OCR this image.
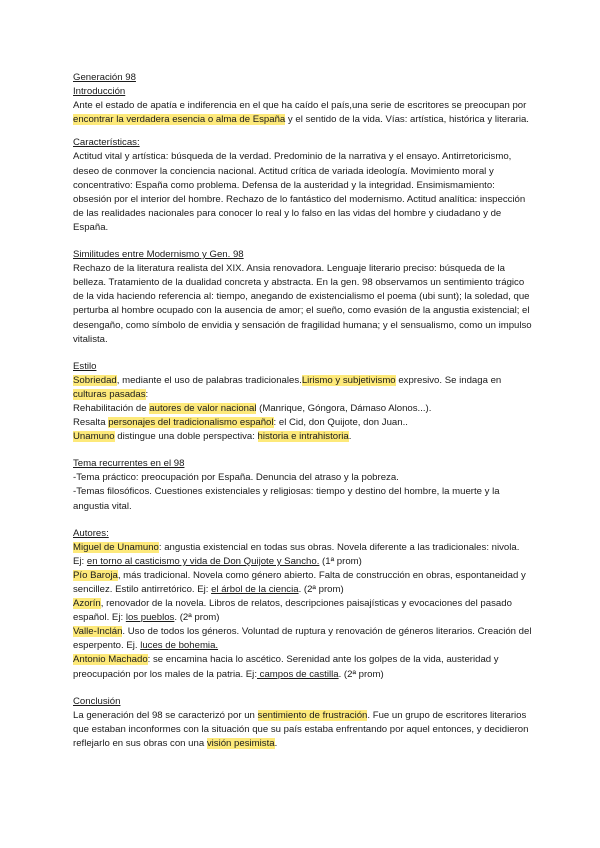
Generación 98
Introducción
Ante el estado de apatía e indiferencia en el que ha caído el país,una serie de escritores se preocupan por encontrar la verdadera esencia o alma de España y el sentido de la vida. Vías: artística, histórica y literaria.
Características:
Actitud vital y artística: búsqueda de la verdad. Predominio de la narrativa y el ensayo. Antirretoricismo, deseo de conmover la conciencia nacional. Actitud crítica de variada ideología. Movimiento moral y concentrativo: España como problema. Defensa de la austeridad y la integridad. Ensimismamiento: obsesión por el interior del hombre. Rechazo de lo fantástico del modernismo. Actitud analítica: inspección de las realidades nacionales para conocer lo real y lo falso en las vidas del hombre y ciudadano y de España.
Similitudes entre Modernismo y Gen. 98
Rechazo de la literatura realista del XIX. Ansia renovadora. Lenguaje literario preciso: búsqueda de la belleza. Tratamiento de la dualidad concreta y abstracta. En la gen. 98 observamos un sentimiento trágico de la vida haciendo referencia al: tiempo, anegando de existencialismo el poema (ubi sunt); la soledad, que perturba al hombre ocupado con la ausencia de amor; el sueño, como evasión de la angustia existencial; el desengaño, como símbolo de envidia y sensación de fragilidad humana; y el sensualismo, como un impulso vitalista.
Estilo
Sobriedad, mediante el uso de palabras tradicionales.Lirismo y subjetivismo expresivo. Se indaga en culturas pasadas:
Rehabilitación de autores de valor nacional (Manrique, Góngora, Dámaso Alonos...).
Resalta personajes del tradicionalismo español: el Cid, don Quijote, don Juan..
Unamuno distingue una doble perspectiva: historia e intrahistoria.
Tema recurrentes en el 98
-Tema práctico: preocupación por España. Denuncia del atraso y la pobreza.
-Temas filosóficos. Cuestiones existenciales y religiosas: tiempo y destino del hombre, la muerte y la angustia vital.
Autores:
Miguel de Unamuno: angustia existencial en todas sus obras. Novela diferente a las tradicionales: nivola. Ej: en torno al casticismo y vida de Don Quijote y Sancho. (1ª prom)
Pío Baroja, más tradicional. Novela como género abierto. Falta de construcción en obras, espontaneidad y sencillez. Estilo antirretórico. Ej: el árbol de la ciencia. (2ª prom)
Azorín, renovador de la novela. Libros de relatos, descripciones paisajísticas y evocaciones del pasado español. Ej: los pueblos. (2ª prom)
Valle-Inclán. Uso de todos los géneros. Voluntad de ruptura y renovación de géneros literarios. Creación del esperpento. Ej. luces de bohemia.
Antonio Machado: se encamina hacia lo ascético. Serenidad ante los golpes de la vida, austeridad y preocupación por los males de la patria. Ej: campos de castilla. (2ª prom)
Conclusión
La generación del 98 se caracterizó por un sentimiento de frustración. Fue un grupo de escritores literarios que estaban inconformes con la situación que su país estaba enfrentando por aquel entonces, y decidieron reflejarlo en sus obras con una visión pesimista.
